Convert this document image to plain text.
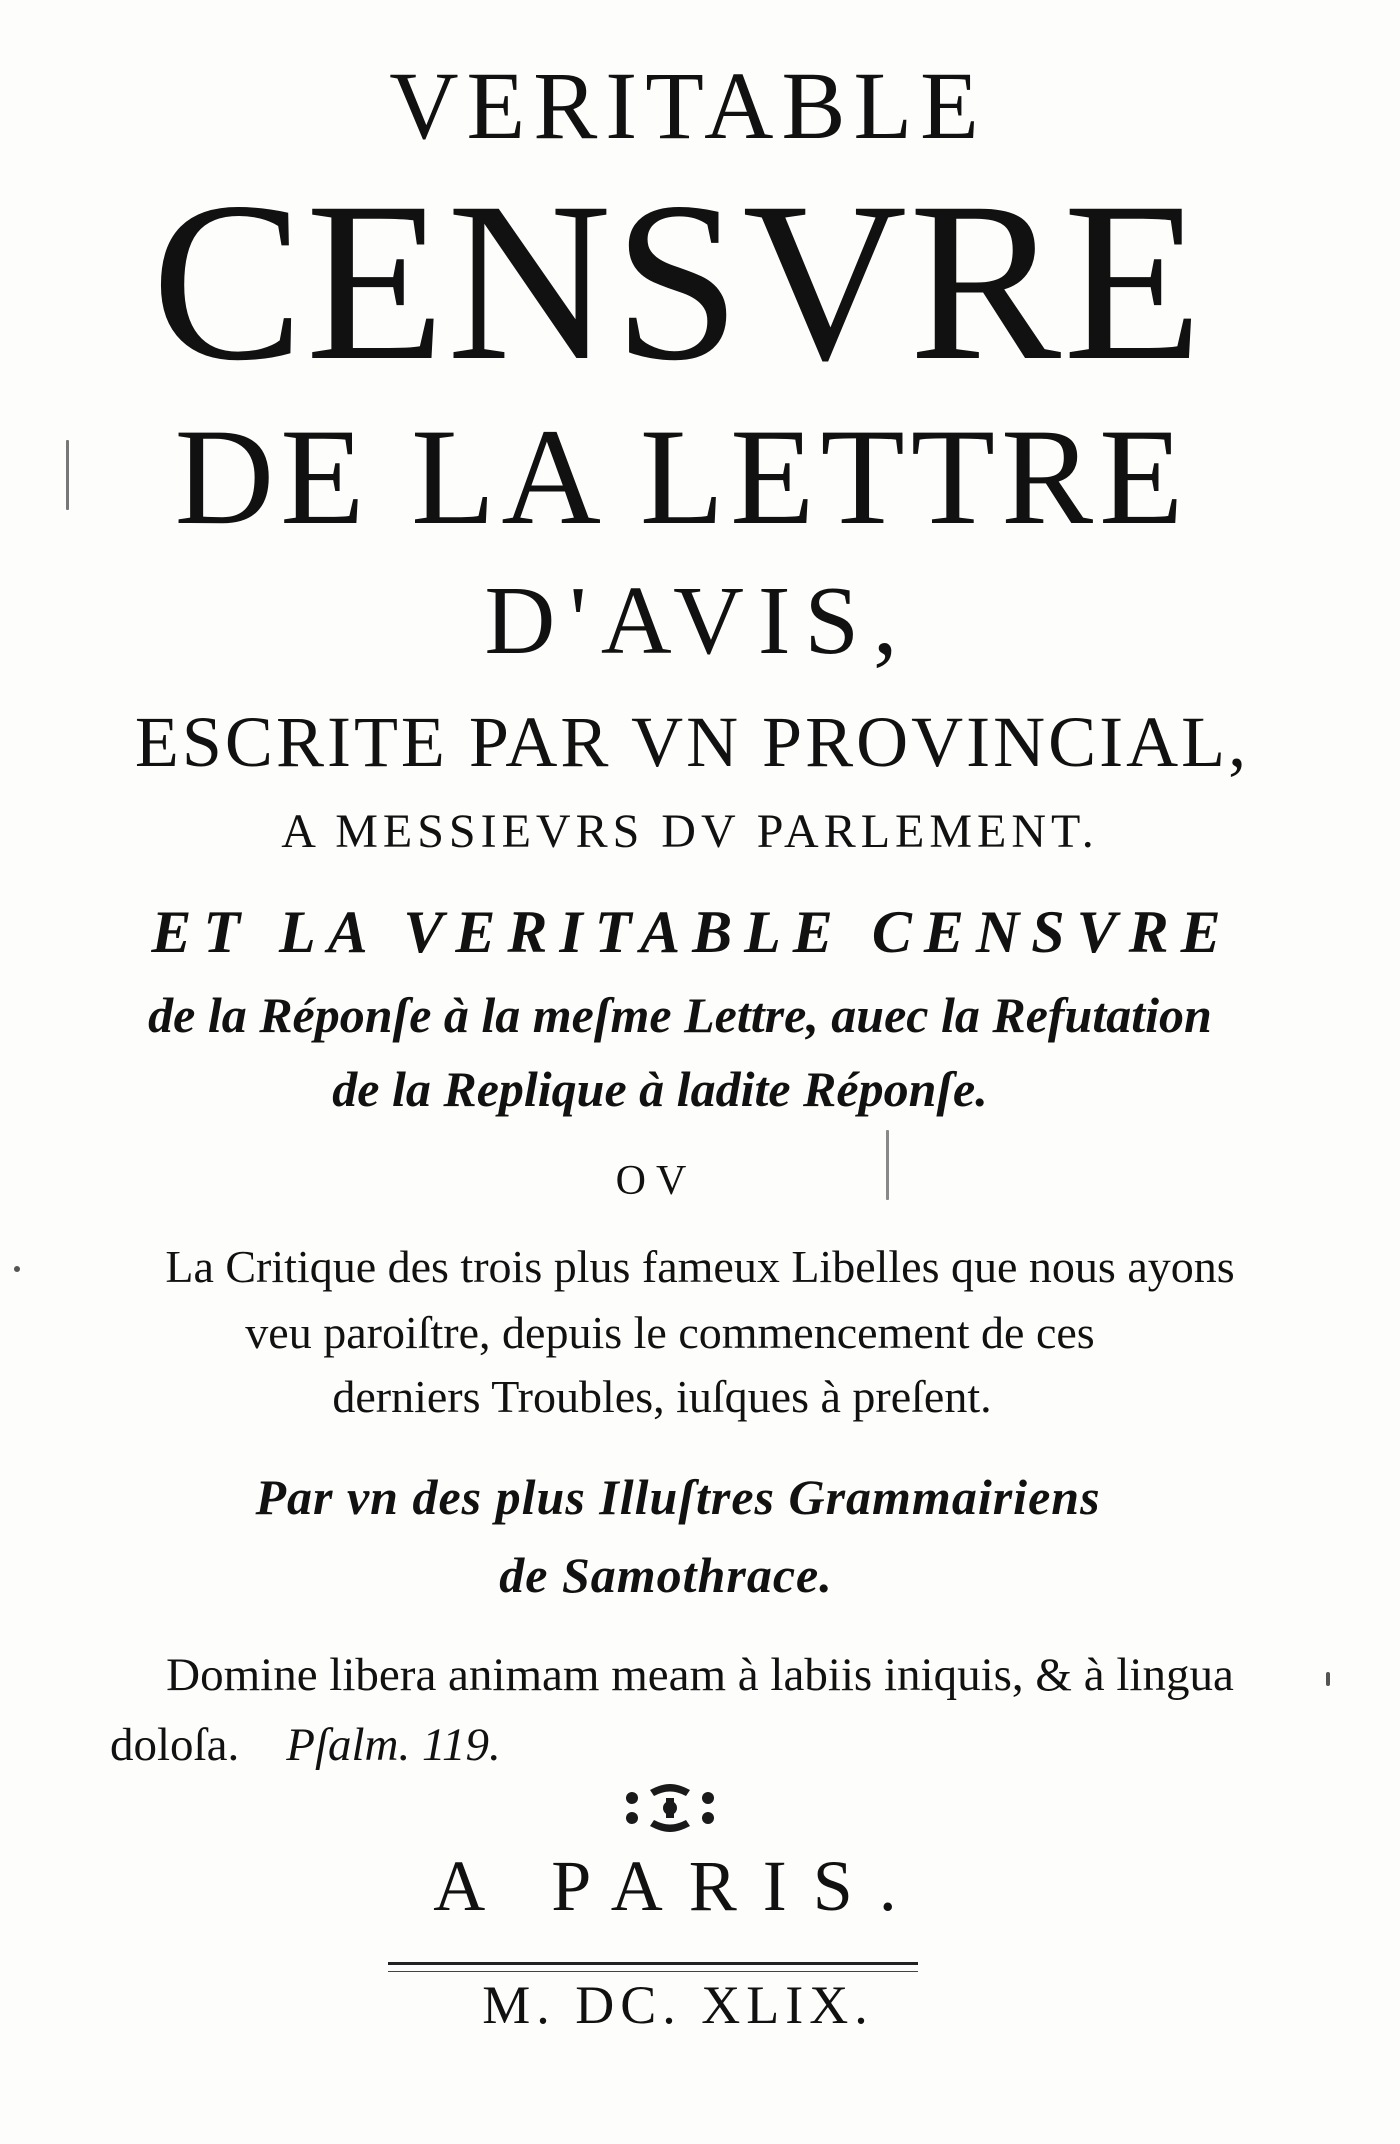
VERITABLE
CENSVRE
DE LA LETTRE
D'AVIS,
ESCRITE PAR VN PROVINCIAL,
A MESSIEVRS DV PARLEMENT.
ET LA VERITABLE CENSVRE
de la Réponſe à la meſme Lettre, auec la Refutation
de la Replique à ladite Réponſe.
OV
La Critique des trois plus fameux Libelles que nous ayons
veu paroiſtre, depuis le commencement de ces
derniers Troubles, iuſques à preſent.
Par vn des plus Illuſtres Grammairiens
de Samothrace.
Domine libera animam meam à labiis iniquis, & à lingua
doloſa. Pſalm. 119.
A PARIS.
M. DC. XLIX.
